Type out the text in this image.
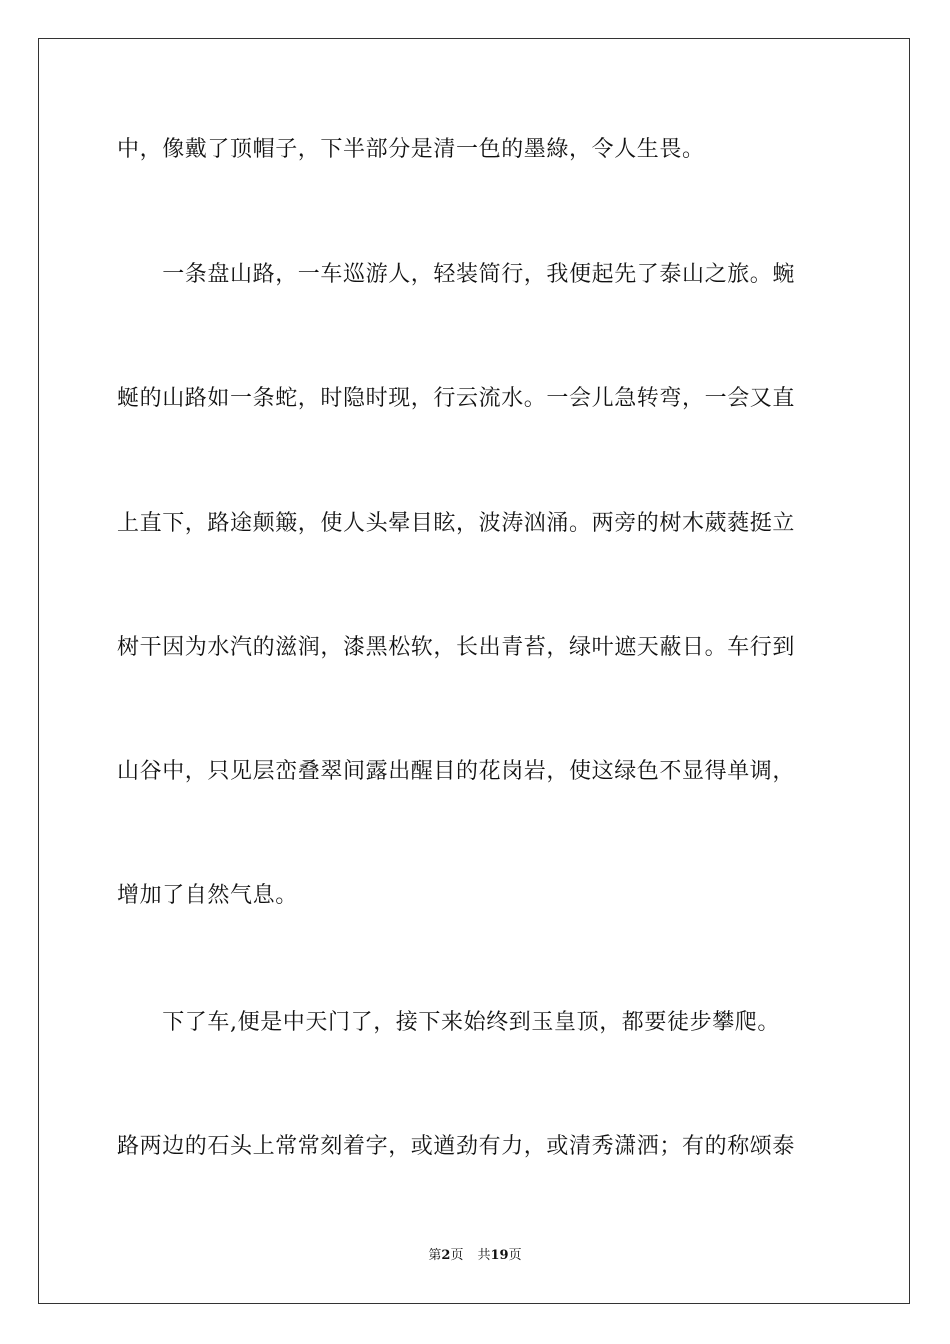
中，像戴了顶帽子，下半部分是清一色的墨綠，令人生畏。
　　一条盘山路，一车巡游人，轻装简行，我便起先了泰山之旅。蜿
蜒的山路如一条蛇，时隐时现，行云流水。一会儿急转弯，一会又直
上直下，路途颠簸，使人头晕目眩，波涛汹涌。两旁的树木葳蕤挺立
树干因为水汽的滋润，漆黑松软，长出青苔，绿叶遮天蔽日。车行到
山谷中，只见层峦叠翠间露出醒目的花岗岩，使这绿色不显得单调，
增加了自然气息。
　　下了车,便是中天门了，接下来始终到玉皇顶，都要徒步攀爬。
路两边的石头上常常刻着字，或遒劲有力，或清秀潇洒；有的称颂泰
第2页 共19页
